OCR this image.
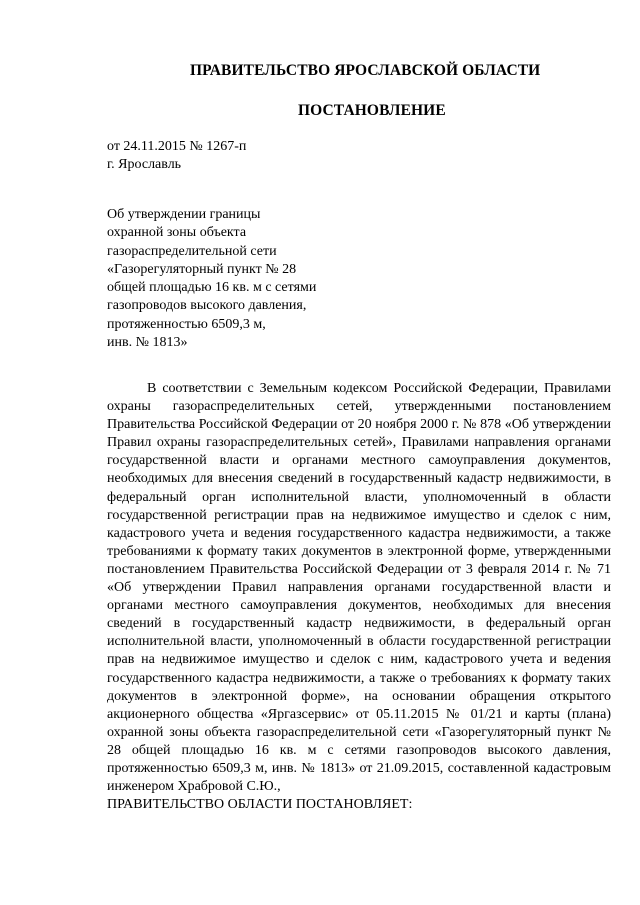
ПРАВИТЕЛЬСТВО ЯРОСЛАВСКОЙ ОБЛАСТИ
ПОСТАНОВЛЕНИЕ
от 24.11.2015 № 1267-п
г. Ярославль
Об утверждении границы
охранной зоны объекта
газораспределительной сети
«Газорегуляторный пункт № 28
общей площадью 16 кв. м с сетями
газопроводов высокого давления,
протяженностью 6509,3 м,
инв. № 1813»
В соответствии с Земельным кодексом Российской Федерации, Правилами охраны газораспределительных сетей, утвержденными постановлением Правительства Российской Федерации от 20 ноября 2000 г. № 878 «Об утверждении Правил охраны газораспределительных сетей», Правилами направления органами государственной власти и органами местного самоуправления документов, необходимых для внесения сведений в государственный кадастр недвижимости, в федеральный орган исполнительной власти, уполномоченный в области государственной регистрации прав на недвижимое имущество и сделок с ним, кадастрового учета и ведения государственного кадастра недвижимости, а также требованиями к формату таких документов в электронной форме, утвержденными постановлением Правительства Российской Федерации от 3 февраля 2014 г. № 71 «Об утверждении Правил направления органами государственной власти и органами местного самоуправления документов, необходимых для внесения сведений в государственный кадастр недвижимости, в федеральный орган исполнительной власти, уполномоченный в области государственной регистрации прав на недвижимое имущество и сделок с ним, кадастрового учета и ведения государственного кадастра недвижимости, а также о требованиях к формату таких документов в электронной форме», на основании обращения открытого акционерного общества «Яргазсервис» от 05.11.2015 № 01/21 и карты (плана) охранной зоны объекта газораспределительной сети «Газорегуляторный пункт № 28 общей площадью 16 кв. м с сетями газопроводов высокого давления, протяженностью 6509,3 м, инв. № 1813» от 21.09.2015, составленной кадастровым инженером Храбровой С.Ю.,
ПРАВИТЕЛЬСТВО ОБЛАСТИ ПОСТАНОВЛЯЕТ:
